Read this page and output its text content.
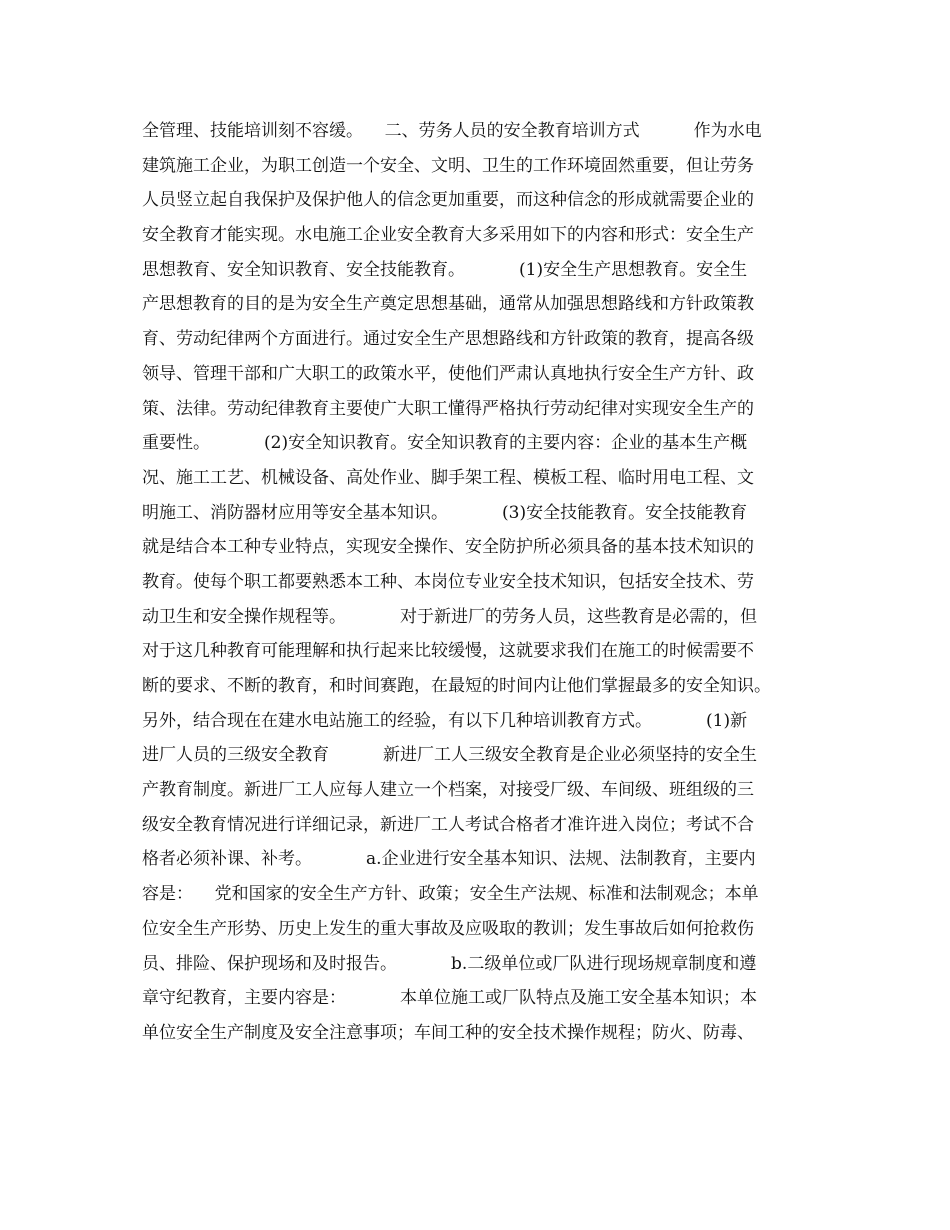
全管理、技能培训刻不容缓。    二、劳务人员的安全教育培训方式          作为水电
建筑施工企业，为职工创造一个安全、文明、卫生的工作环境固然重要，但让劳务
人员竖立起自我保护及保护他人的信念更加重要，而这种信念的形成就需要企业的
安全教育才能实现。水电施工企业安全教育大多采用如下的内容和形式：安全生产
思想教育、安全知识教育、安全技能教育。          (1)安全生产思想教育。安全生
产思想教育的目的是为安全生产奠定思想基础，通常从加强思想路线和方针政策教
育、劳动纪律两个方面进行。通过安全生产思想路线和方针政策的教育，提高各级
领导、管理干部和广大职工的政策水平，使他们严肃认真地执行安全生产方针、政
策、法律。劳动纪律教育主要使广大职工懂得严格执行劳动纪律对实现安全生产的
重要性。          (2)安全知识教育。安全知识教育的主要内容：企业的基本生产概
况、施工工艺、机械设备、高处作业、脚手架工程、模板工程、临时用电工程、文
明施工、消防器材应用等安全基本知识。          (3)安全技能教育。安全技能教育
就是结合本工种专业特点，实现安全操作、安全防护所必须具备的基本技术知识的
教育。使每个职工都要熟悉本工种、本岗位专业安全技术知识，包括安全技术、劳
动卫生和安全操作规程等。          对于新进厂的劳务人员，这些教育是必需的，但
对于这几种教育可能理解和执行起来比较缓慢，这就要求我们在施工的时候需要不
断的要求、不断的教育，和时间赛跑，在最短的时间内让他们掌握最多的安全知识。
另外，结合现在在建水电站施工的经验，有以下几种培训教育方式。          (1)新
进厂人员的三级安全教育          新进厂工人三级安全教育是企业必须坚持的安全生
产教育制度。新进厂工人应每人建立一个档案，对接受厂级、车间级、班组级的三
级安全教育情况进行详细记录，新进厂工人考试合格者才准许进入岗位；考试不合
格者必须补课、补考。          a.企业进行安全基本知识、法规、法制教育，主要内
容是：    党和国家的安全生产方针、政策；安全生产法规、标准和法制观念；本单
位安全生产形势、历史上发生的重大事故及应吸取的教训；发生事故后如何抢救伤
员、排险、保护现场和及时报告。          b.二级单位或厂队进行现场规章制度和遵
章守纪教育，主要内容是：          本单位施工或厂队特点及施工安全基本知识；本
单位安全生产制度及安全注意事项；车间工种的安全技术操作规程；防火、防毒、
